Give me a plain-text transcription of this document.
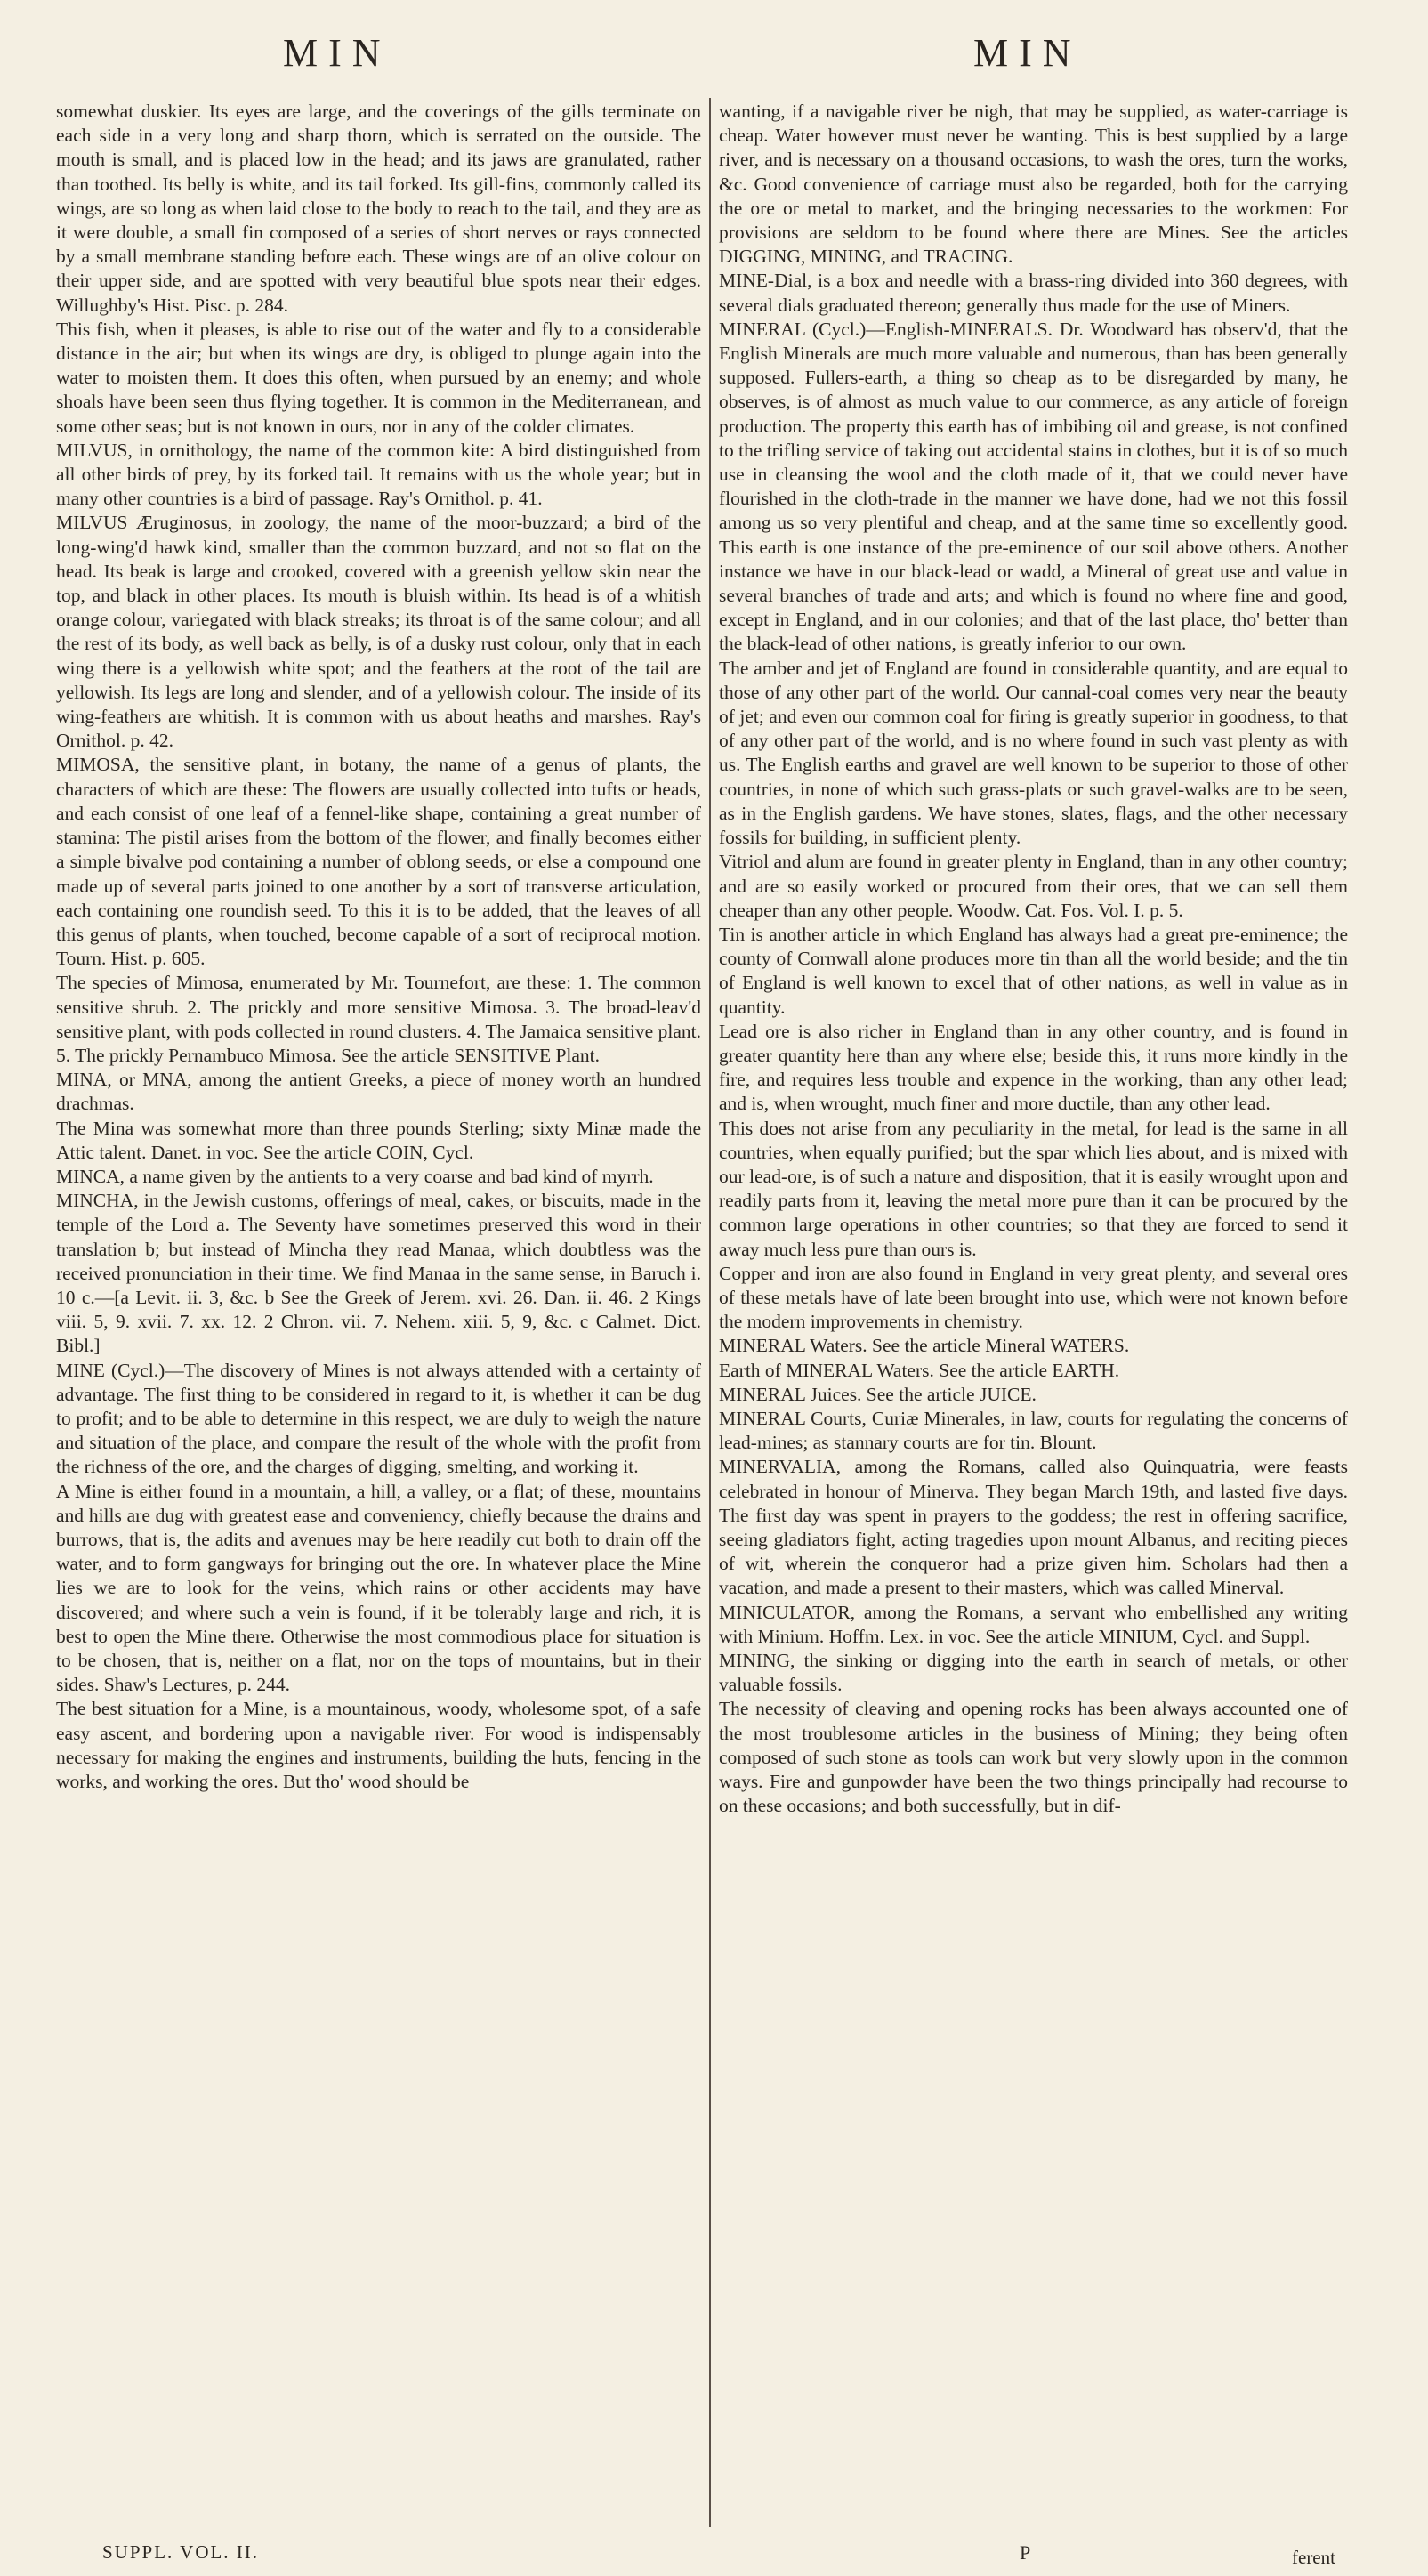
MIN	MIN

somewhat duskier. Its eyes are large, and the coverings of the gills terminate on each side in a very long and sharp thorn, which is serrated on the outside. The mouth is small, and is placed low in the head; and its jaws are granulated, rather than toothed. Its belly is white, and its tail forked. Its gill-fins, commonly called its wings, are so long as when laid close to the body to reach to the tail, and they are as it were double, a small fin composed of a series of short nerves or rays connected by a small membrane standing before each. These wings are of an olive colour on their upper side, and are spotted with very beautiful blue spots near their edges. Willughby's Hist. Pisc. p. 284.

This fish, when it pleases, is able to rise out of the water and fly to a considerable distance in the air; but when its wings are dry, is obliged to plunge again into the water to moisten them. It does this often, when pursued by an enemy; and whole shoals have been seen thus flying together. It is common in the Mediterranean, and some other seas; but is not known in ours, nor in any of the colder climates.

MILVUS, in ornithology, the name of the common kite: A bird distinguished from all other birds of prey, by its forked tail. It remains with us the whole year; but in many other countries is a bird of passage. Ray's Ornithol. p. 41.

MILVUS Æruginosus, in zoology, the name of the moor-buzzard; a bird of the long-wing'd hawk kind, smaller than the common buzzard, and not so flat on the head. Its beak is large and crooked, covered with a greenish yellow skin near the top, and black in other places. Its mouth is bluish within. Its head is of a whitish orange colour, variegated with black streaks; its throat is of the same colour; and all the rest of its body, as well back as belly, is of a dusky rust colour, only that in each wing there is a yellowish white spot; and the feathers at the root of the tail are yellowish. Its legs are long and slender, and of a yellowish colour. The inside of its wing-feathers are whitish. It is common with us about heaths and marshes. Ray's Ornithol. p. 42.

MIMOSA, the sensitive plant, in botany, the name of a genus of plants, the characters of which are these: The flowers are usually collected into tufts or heads, and each consist of one leaf of a fennel-like shape, containing a great number of stamina: The pistil arises from the bottom of the flower, and finally becomes either a simple bivalve pod containing a number of oblong seeds, or else a compound one made up of several parts joined to one another by a sort of transverse articulation, each containing one roundish seed. To this it is to be added, that the leaves of all this genus of plants, when touched, become capable of a sort of reciprocal motion. Tourn. Hist. p. 605.

The species of Mimosa, enumerated by Mr. Tournefort, are these: 1. The common sensitive shrub. 2. The prickly and more sensitive Mimosa. 3. The broad-leav'd sensitive plant, with pods collected in round clusters. 4. The Jamaica sensitive plant. 5. The prickly Pernambuco Mimosa. See the article SENSITIVE Plant.

MINA, or MNA, among the antient Greeks, a piece of money worth an hundred drachmas.

The Mina was somewhat more than three pounds Sterling; sixty Minæ made the Attic talent. Danet. in voc. See the article COIN, Cycl.

MINCA, a name given by the antients to a very coarse and bad kind of myrrh.

MINCHA, in the Jewish customs, offerings of meal, cakes, or biscuits, made in the temple of the Lord a. The Seventy have sometimes preserved this word in their translation b; but instead of Mincha they read Manaa, which doubtless was the received pronunciation in their time. We find Manaa in the same sense, in Baruch i. 10 c.—[a Levit. ii. 3, &c. b See the Greek of Jerem. xvi. 26. Dan. ii. 46. 2 Kings viii. 5, 9. xvii. 7. xx. 12. 2 Chron. vii. 7. Nehem. xiii. 5, 9, &c. c Calmet. Dict. Bibl.]

MINE (Cycl.)—The discovery of Mines is not always attended with a certainty of advantage. The first thing to be considered in regard to it, is whether it can be dug to profit; and to be able to determine in this respect, we are duly to weigh the nature and situation of the place, and compare the result of the whole with the profit from the richness of the ore, and the charges of digging, smelting, and working it.

A Mine is either found in a mountain, a hill, a valley, or a flat; of these, mountains and hills are dug with greatest ease and conveniency, chiefly because the drains and burrows, that is, the adits and avenues may be here readily cut both to drain off the water, and to form gangways for bringing out the ore. In whatever place the Mine lies we are to look for the veins, which rains or other accidents may have discovered; and where such a vein is found, if it be tolerably large and rich, it is best to open the Mine there. Otherwise the most commodious place for situation is to be chosen, that is, neither on a flat, nor on the tops of mountains, but in their sides. Shaw's Lectures, p. 244.

The best situation for a Mine, is a mountainous, woody, wholesome spot, of a safe easy ascent, and bordering upon a navigable river. For wood is indispensably necessary for making the engines and instruments, building the huts, fencing in the works, and working the ores. But tho' wood should be

wanting, if a navigable river be nigh, that may be supplied, as water-carriage is cheap. Water however must never be wanting. This is best supplied by a large river, and is necessary on a thousand occasions, to wash the ores, turn the works, &c. Good convenience of carriage must also be regarded, both for the carrying the ore or metal to market, and the bringing necessaries to the workmen: For provisions are seldom to be found where there are Mines. See the articles DIGGING, MINING, and TRACING.

MINE-Dial, is a box and needle with a brass-ring divided into 360 degrees, with several dials graduated thereon; generally thus made for the use of Miners.

MINERAL (Cycl.)—English-MINERALS. Dr. Woodward has observ'd, that the English Minerals are much more valuable and numerous, than has been generally supposed. Fullers-earth, a thing so cheap as to be disregarded by many, he observes, is of almost as much value to our commerce, as any article of foreign production. The property this earth has of imbibing oil and grease, is not confined to the trifling service of taking out accidental stains in clothes, but it is of so much use in cleansing the wool and the cloth made of it, that we could never have flourished in the cloth-trade in the manner we have done, had we not this fossil among us so very plentiful and cheap, and at the same time so excellently good. This earth is one instance of the pre-eminence of our soil above others. Another instance we have in our black-lead or wadd, a Mineral of great use and value in several branches of trade and arts; and which is found no where fine and good, except in England, and in our colonies; and that of the last place, tho' better than the black-lead of other nations, is greatly inferior to our own.

The amber and jet of England are found in considerable quantity, and are equal to those of any other part of the world. Our cannal-coal comes very near the beauty of jet; and even our common coal for firing is greatly superior in goodness, to that of any other part of the world, and is no where found in such vast plenty as with us. The English earths and gravel are well known to be superior to those of other countries, in none of which such grass-plats or such gravel-walks are to be seen, as in the English gardens. We have stones, slates, flags, and the other necessary fossils for building, in sufficient plenty.

Vitriol and alum are found in greater plenty in England, than in any other country; and are so easily worked or procured from their ores, that we can sell them cheaper than any other people. Woodw. Cat. Fos. Vol. I. p. 5.

Tin is another article in which England has always had a great pre-eminence; the county of Cornwall alone produces more tin than all the world beside; and the tin of England is well known to excel that of other nations, as well in value as in quantity.

Lead ore is also richer in England than in any other country, and is found in greater quantity here than any where else; beside this, it runs more kindly in the fire, and requires less trouble and expence in the working, than any other lead; and is, when wrought, much finer and more ductile, than any other lead.

This does not arise from any peculiarity in the metal, for lead is the same in all countries, when equally purified; but the spar which lies about, and is mixed with our lead-ore, is of such a nature and disposition, that it is easily wrought upon and readily parts from it, leaving the metal more pure than it can be procured by the common large operations in other countries; so that they are forced to send it away much less pure than ours is.

Copper and iron are also found in England in very great plenty, and several ores of these metals have of late been brought into use, which were not known before the modern improvements in chemistry.

MINERAL Waters. See the article Mineral WATERS.

Earth of MINERAL Waters. See the article EARTH.

MINERAL Juices. See the article JUICE.

MINERAL Courts, Curiæ Minerales, in law, courts for regulating the concerns of lead-mines; as stannary courts are for tin. Blount.

MINERVALIA, among the Romans, called also Quinquatria, were feasts celebrated in honour of Minerva. They began March 19th, and lasted five days. The first day was spent in prayers to the goddess; the rest in offering sacrifice, seeing gladiators fight, acting tragedies upon mount Albanus, and reciting pieces of wit, wherein the conqueror had a prize given him. Scholars had then a vacation, and made a present to their masters, which was called Minerval.

MINICULATOR, among the Romans, a servant who embellished any writing with Minium. Hoffm. Lex. in voc. See the article MINIUM, Cycl. and Suppl.

MINING, the sinking or digging into the earth in search of metals, or other valuable fossils.

The necessity of cleaving and opening rocks has been always accounted one of the most troublesome articles in the business of Mining; they being often composed of such stone as tools can work but very slowly upon in the common ways. Fire and gunpowder have been the two things principally had recourse to on these occasions; and both successfully, but in dif-

SUPPL. VOL. II.	P	ferent
